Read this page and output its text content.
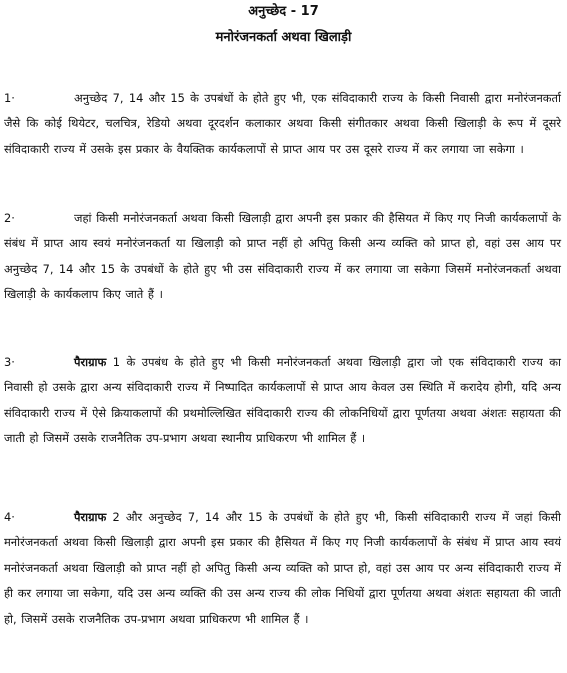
अनुच्छेद - 17

मनोरंजनकर्ता अथवा खिलाड़ी

1·	अनुच्छेद 7, 14 और 15 के उपबंधों के होते हुए भी, एक संविदाकारी राज्य के किसी निवासी द्वारा मनोरंजनकर्ता जैसे कि कोई थियेटर, चलचित्र, रेडियो अथवा दूरदर्शन कलाकार अथवा किसी संगीतकार अथवा किसी खिलाड़ी के रूप में दूसरे संविदाकारी राज्य में उसके इस प्रकार के वैयक्तिक कार्यकलापों से प्राप्त आय पर उस दूसरे राज्य में कर लगाया जा सकेगा ।

2·	जहां किसी मनोरंजनकर्ता अथवा किसी खिलाड़ी द्वारा अपनी इस प्रकार की हैसियत में किए गए निजी कार्यकलापों के संबंध में प्राप्त आय स्वयं मनोरंजनकर्ता या खिलाड़ी को प्राप्त नहीं हो अपितु किसी अन्य व्यक्ति को प्राप्त हो, वहां उस आय पर अनुच्छेद 7, 14 और 15 के उपबंधों के होते हुए भी उस संविदाकारी राज्य में कर लगाया जा सकेगा जिसमें मनोरंजनकर्ता अथवा खिलाड़ी के कार्यकलाप किए जाते हैं ।

3·	पैराग्राफ 1 के उपबंध के होते हुए भी किसी मनोरंजनकर्ता अथवा खिलाड़ी द्वारा जो एक संविदाकारी राज्य का निवासी हो उसके द्वारा अन्य संविदाकारी राज्य में निष्पादित कार्यकलापों से प्राप्त आय केवल उस स्थिति में करादेय होगी, यदि अन्य संविदाकारी राज्य में ऐसे क्रियाकलापों की प्रथमोल्लिखित संविदाकारी राज्य की लोकनिधियों द्वारा पूर्णतया अथवा अंशतः सहायता की जाती हो जिसमें उसके राजनैतिक उप-प्रभाग अथवा स्थानीय प्राधिकरण भी शामिल हैं ।

4·	पैराग्राफ 2 और अनुच्छेद 7, 14 और 15 के उपबंधों के होते हुए भी, किसी संविदाकारी राज्य में जहां किसी मनोरंजनकर्ता अथवा किसी खिलाड़ी द्वारा अपनी इस प्रकार की हैसियत में किए गए निजी कार्यकलापों के संबंध में प्राप्त आय स्वयं मनोरंजनकर्ता अथवा खिलाड़ी को प्राप्त नहीं हो अपितु किसी अन्य व्यक्ति को प्राप्त हो, वहां उस आय पर अन्य संविदाकारी राज्य में ही कर लगाया जा सकेगा, यदि उस अन्य व्यक्ति की उस अन्य राज्य की लोक निधियों द्वारा पूर्णतया अथवा अंशतः सहायता की जाती हो, जिसमें उसके राजनैतिक उप-प्रभाग अथवा प्राधिकरण भी शामिल हैं ।
